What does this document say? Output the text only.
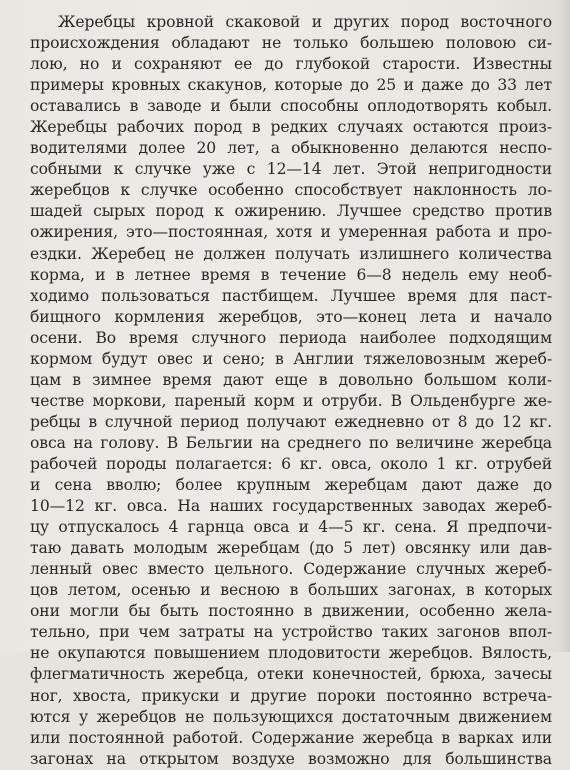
Жеребцы кровной скаковой и других пород восточного
происхождения обладают не только большею половою си-
лою, но и сохраняют ее до глубокой старости. Известны
примеры кровных скакунов, которые до 25 и даже до 33 лет
оставались в заводе и были способны оплодотворять кобыл.
Жеребцы рабочих пород в редких случаях остаются произ-
водителями долее 20 лет, а обыкновенно делаются неспо-
собными к случке уже с 12—14 лет. Этой непригодности
жеребцов к случке особенно способствует наклонность ло-
шадей сырых пород к ожирению. Лучшее средство против
ожирения, это—постоянная, хотя и умеренная работа и про-
ездки. Жеребец не должен получать излишнего количества
корма, и в летнее время в течение 6—8 недель ему необ-
ходимо пользоваться пастбищем. Лучшее время для паст-
бищного кормления жеребцов, это—конец лета и начало
осени. Во время случного периода наиболее подходящим
кормом будут овес и сено; в Англии тяжеловозным жереб-
цам в зимнее время дают еще в довольно большом коли-
честве моркови, пареный корм и отруби. В Ольденбурге же-
ребцы в случной период получают ежедневно от 8 до 12 кг.
овса на голову. В Бельгии на среднего по величине жеребца
рабочей породы полагается: 6 кг. овса, около 1 кг. отрубей
и сена вволю; более крупным жеребцам дают даже до
10—12 кг. овса. На наших государственных заводах жереб-
цу отпускалось 4 гарнца овса и 4—5 кг. сена. Я предпочи-
таю давать молодым жеребцам (до 5 лет) овсянку или дав-
ленный овес вместо цельного. Содержание случных жереб-
цов летом, осенью и весною в больших загонах, в которых
они могли бы быть постоянно в движении, особенно жела-
тельно, при чем затраты на устройство таких загонов впол-
не окупаются повышением плодовитости жеребцов. Вялость,
флегматичность жеребца, отеки конечностей, брюха, зачесы
ног, хвоста, прикуски и другие пороки постоянно встреча-
ются у жеребцов не пользующихся достаточным движением
или постоянной работой. Содержание жеребца в варках или
загонах на открытом воздухе возможно для большинства
